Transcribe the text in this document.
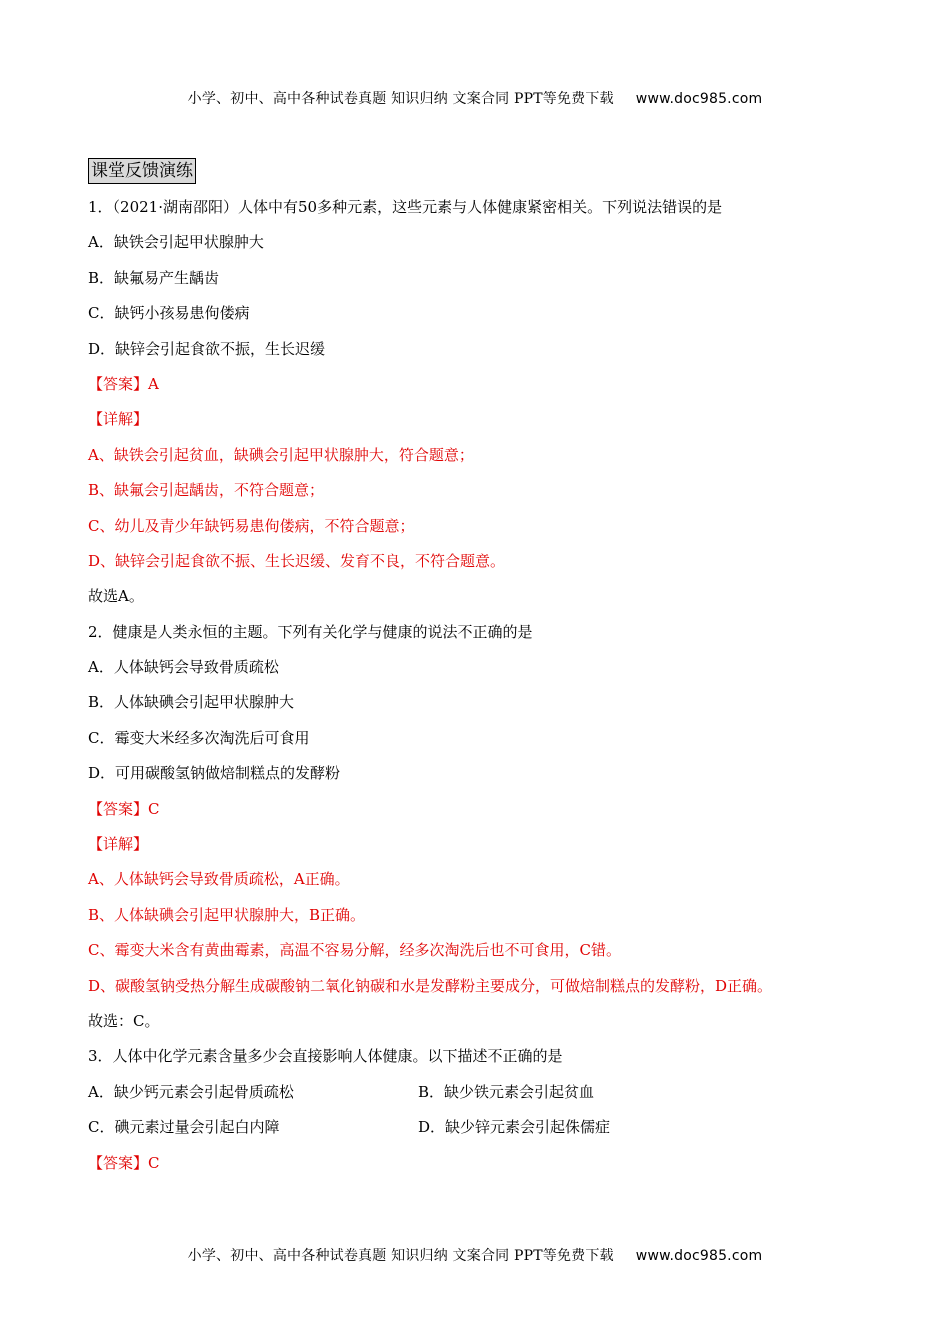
小学、初中、高中各种试卷真题 知识归纳 文案合同 PPT等免费下载 www.doc985.com
课堂反馈演练
1．（2021·湖南邵阳）人体中有50多种元素，这些元素与人体健康紧密相关。下列说法错误的是
A．缺铁会引起甲状腺肿大
B．缺氟易产生龋齿
C．缺钙小孩易患佝偻病
D．缺锌会引起食欲不振，生长迟缓
【答案】A
【详解】
A、缺铁会引起贫血，缺碘会引起甲状腺肿大，符合题意；
B、缺氟会引起龋齿，不符合题意；
C、幼儿及青少年缺钙易患佝偻病，不符合题意；
D、缺锌会引起食欲不振、生长迟缓、发育不良，不符合题意。
故选A。
2．健康是人类永恒的主题。下列有关化学与健康的说法不正确的是
A．人体缺钙会导致骨质疏松
B．人体缺碘会引起甲状腺肿大
C．霉变大米经多次淘洗后可食用
D．可用碳酸氢钠做焙制糕点的发酵粉
【答案】C
【详解】
A、人体缺钙会导致骨质疏松，A正确。
B、人体缺碘会引起甲状腺肿大，B正确。
C、霉变大米含有黄曲霉素，高温不容易分解，经多次淘洗后也不可食用，C错。
D、碳酸氢钠受热分解生成碳酸钠二氧化钠碳和水是发酵粉主要成分，可做焙制糕点的发酵粉，D正确。
故选：C。
3．人体中化学元素含量多少会直接影响人体健康。以下描述不正确的是
A．缺少钙元素会引起骨质疏松	B．缺少铁元素会引起贫血
C．碘元素过量会引起白内障	D．缺少锌元素会引起侏儒症
【答案】C
小学、初中、高中各种试卷真题 知识归纳 文案合同 PPT等免费下载 www.doc985.com
